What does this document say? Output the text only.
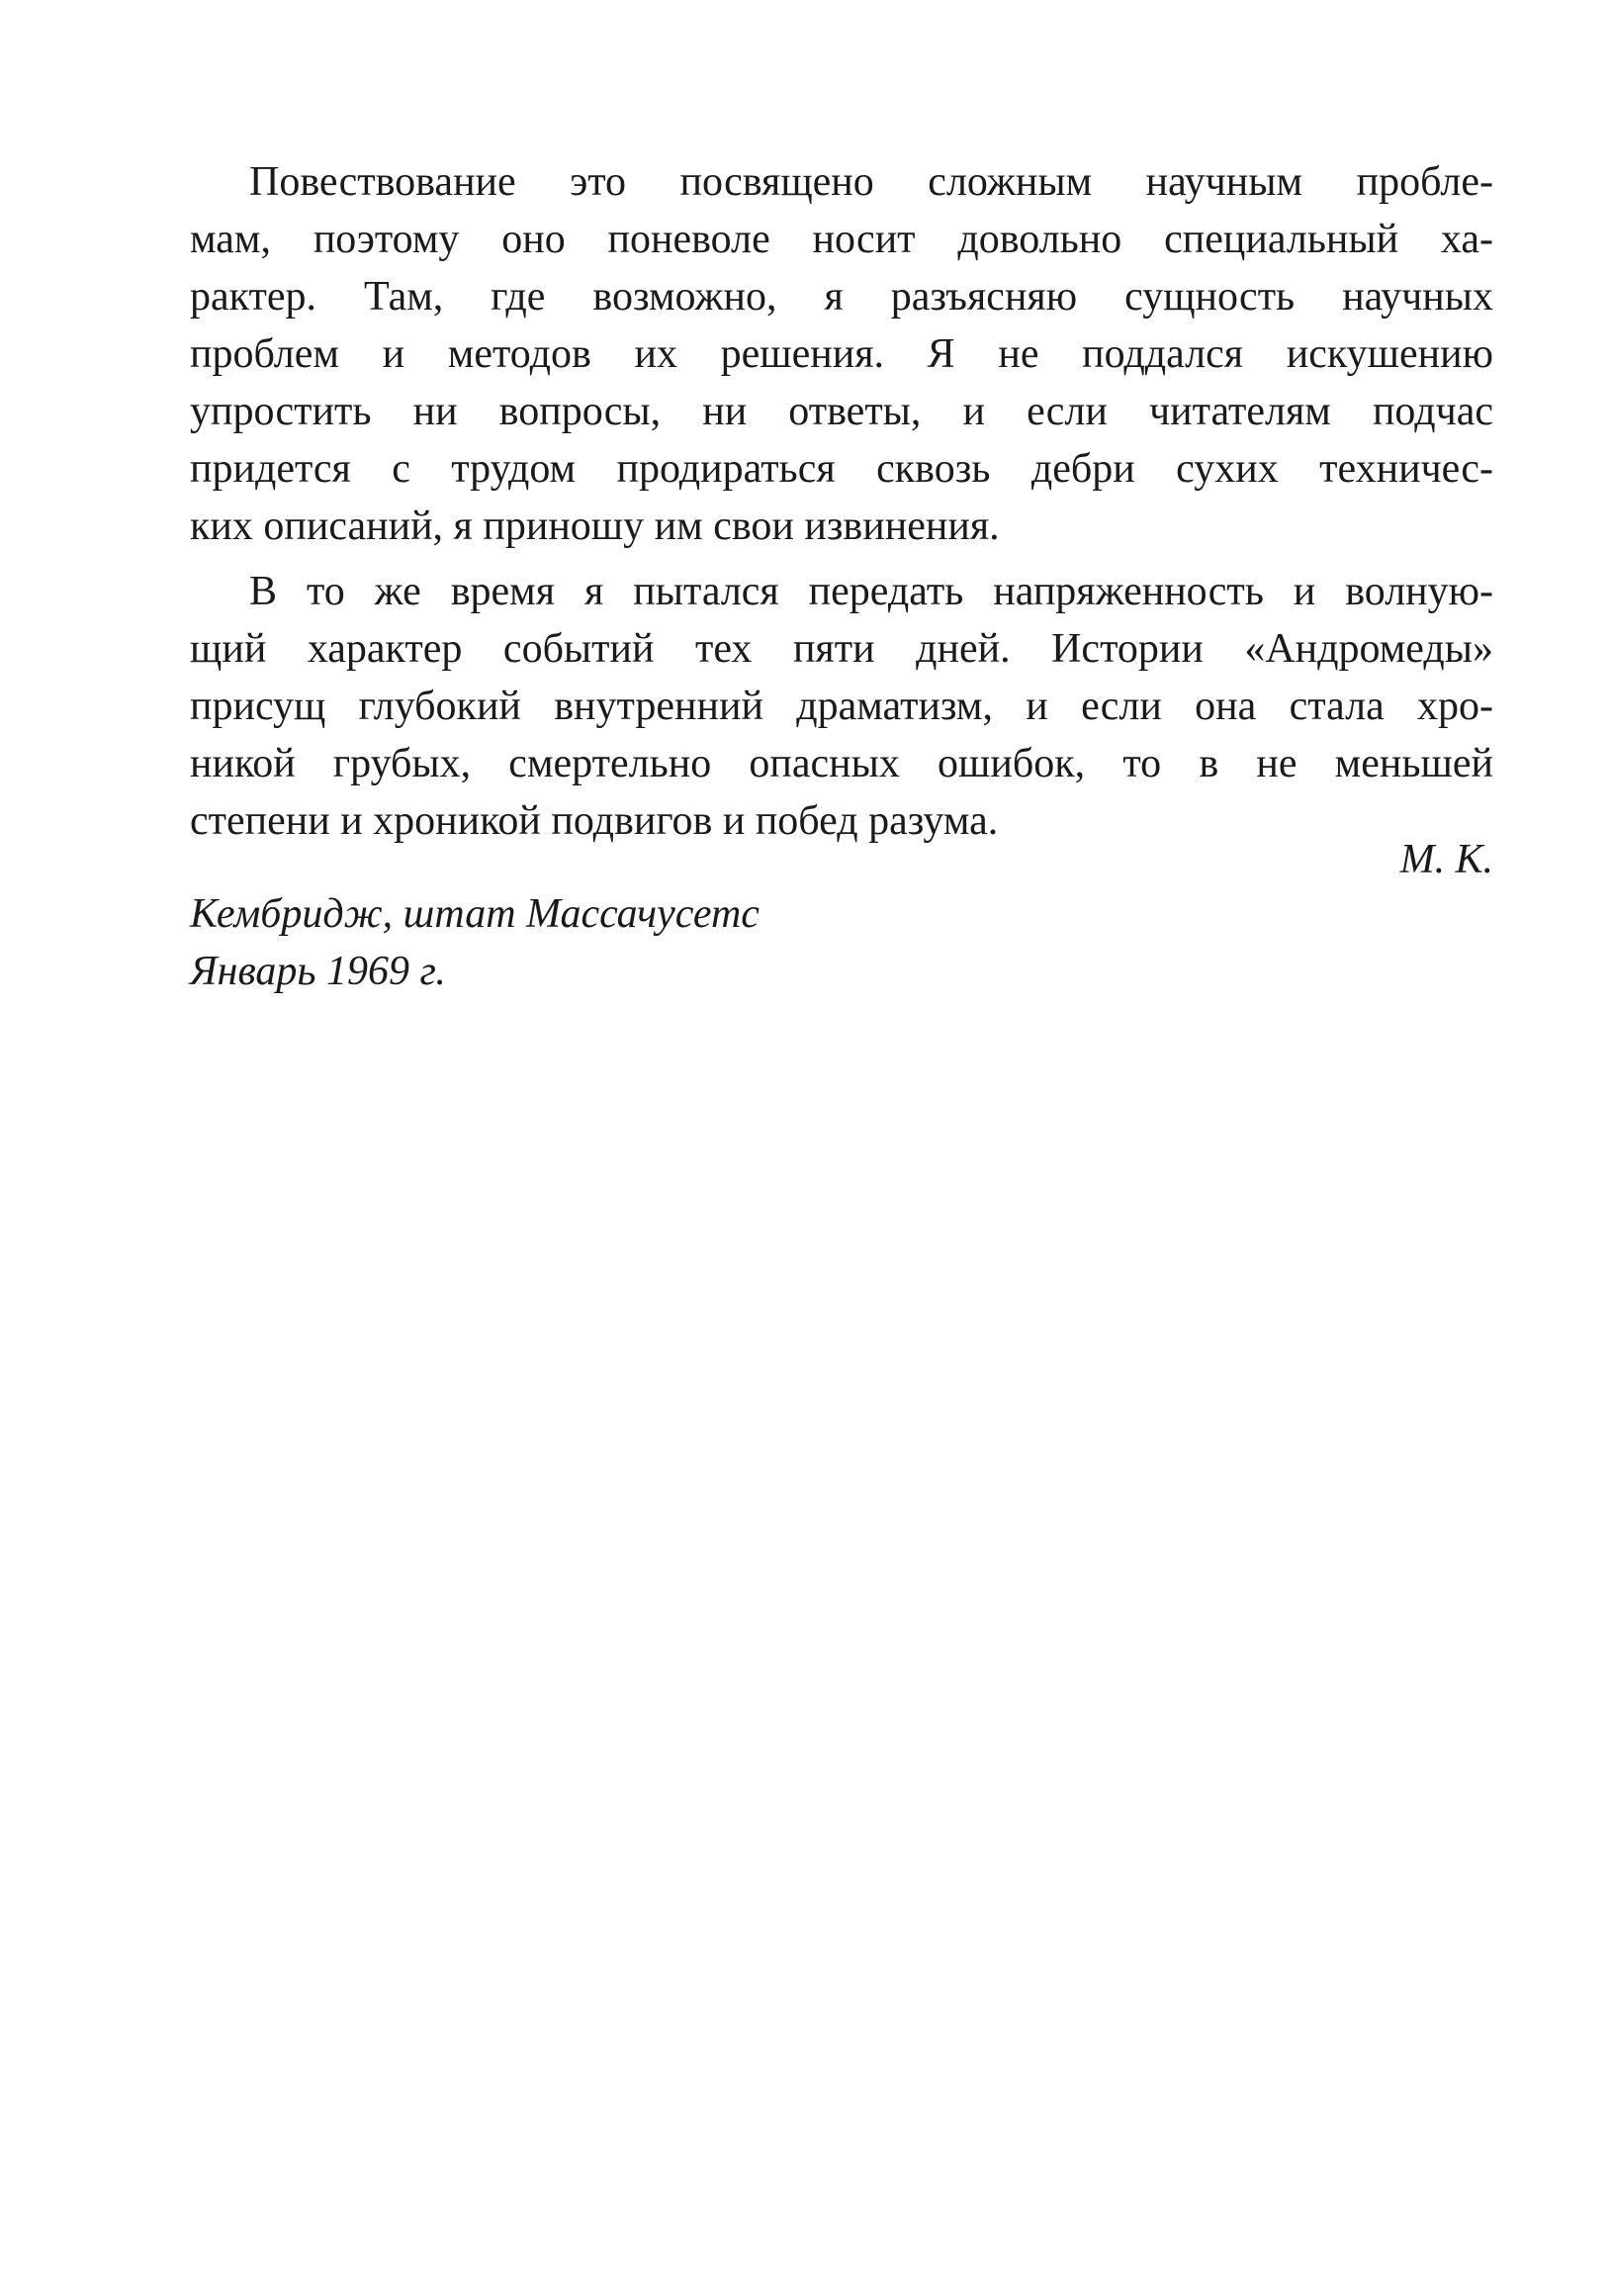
Повествование это посвящено сложным научным пробле-
мам, поэтому оно поневоле носит довольно специальный ха-
рактер. Там, где возможно, я разъясняю сущность научных
проблем и методов их решения. Я не поддался искушению
упростить ни вопросы, ни ответы, и если читателям подчас
придется с трудом продираться сквозь дебри сухих техничес-
ких описаний, я приношу им свои извинения.
В то же время я пытался передать напряженность и волную-
щий характер событий тех пяти дней. Истории «Андромеды»
присущ глубокий внутренний драматизм, и если она стала хро-
никой грубых, смертельно опасных ошибок, то в не меньшей
степени и хроникой подвигов и побед разума.
М. К.
Кембридж, штат Массачусетс
Январь 1969 г.
